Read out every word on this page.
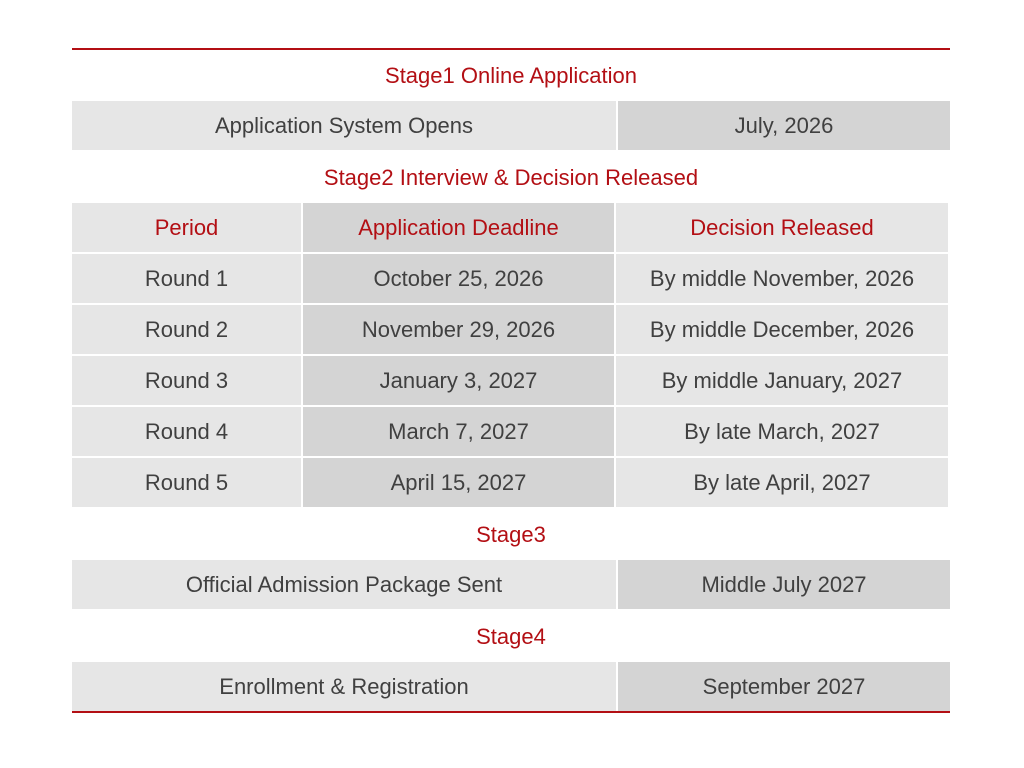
Stage1 Online Application
Application System Opens	July, 2026
Stage2 Interview & Decision Released
Period	Application Deadline	Decision Released
Round 1	October 25, 2026	By middle November, 2026
Round 2	November 29, 2026	By middle December, 2026
Round 3	January 3, 2027	By middle January, 2027
Round 4	March 7, 2027	By late March, 2027
Round 5	April 15, 2027	By late April, 2027
Stage3
Official Admission Package Sent	Middle July 2027
Stage4
Enrollment & Registration	September 2027
